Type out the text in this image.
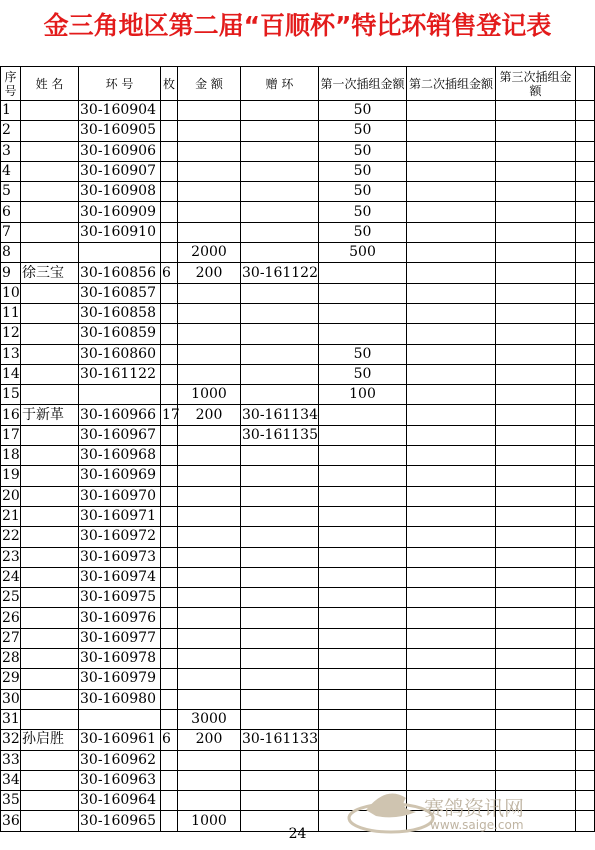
金三角地区第二届“百顺杯”特比环销售登记表
序号	姓 名	环 号	枚	金 额	赠 环	第一次插组金额	第二次插组金额	第三次插组金额	
1		30-160904				50			
2		30-160905				50			
3		30-160906				50			
4		30-160907				50			
5		30-160908				50			
6		30-160909				50			
7		30-160910				50			
8				2000		500			
9	徐三宝	30-160856	6	200	30-161122				
10		30-160857							
11		30-160858							
12		30-160859							
13		30-160860				50			
14		30-161122				50			
15				1000		100			
16	于新革	30-160966	17	200	30-161134				
17		30-160967			30-161135				
18		30-160968							
19		30-160969							
20		30-160970							
21		30-160971							
22		30-160972							
23		30-160973							
24		30-160974							
25		30-160975							
26		30-160976							
27		30-160977							
28		30-160978							
29		30-160979							
30		30-160980							
31				3000					
32	孙启胜	30-160961	6	200	30-161133				
33		30-160962							
34		30-160963							
35		30-160964							
36		30-160965		1000					
24
赛鸽资讯网
www.saige.com
